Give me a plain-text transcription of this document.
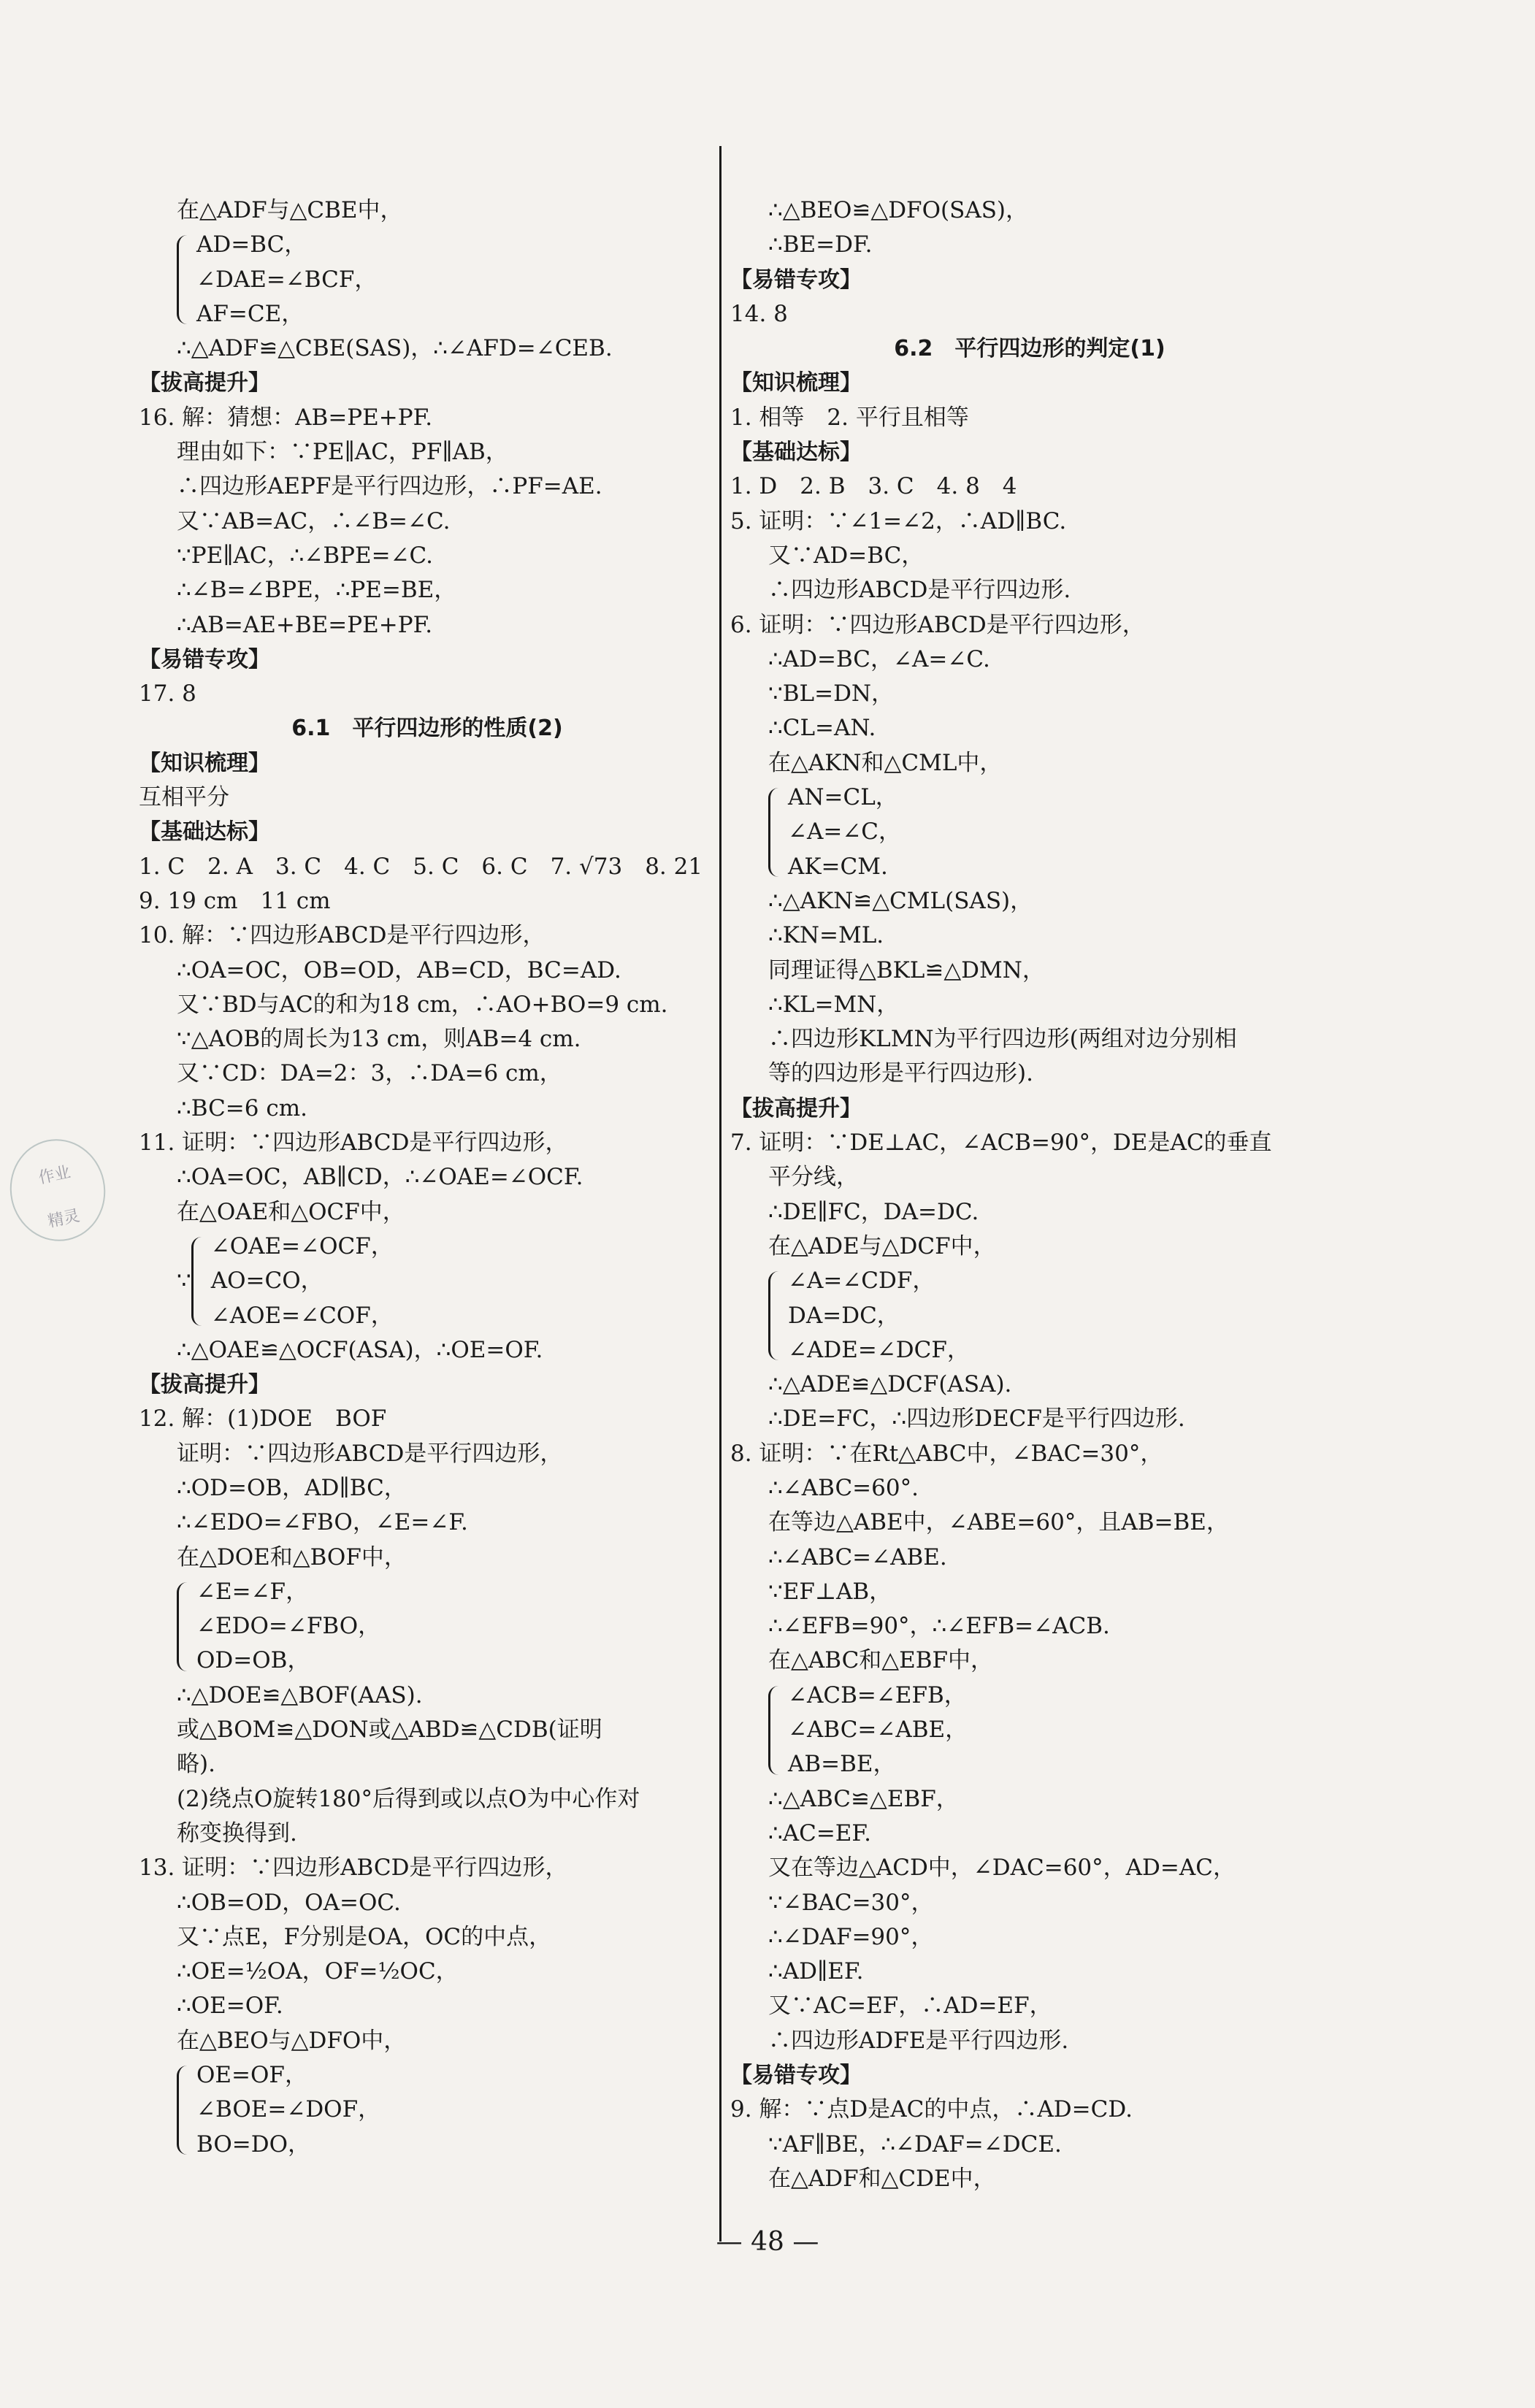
在△ADF与△CBE中，
AD=BC，
∠DAE=∠BCF，
AF=CE，
∴△ADF≌△CBE(SAS)，∴∠AFD=∠CEB.
【拔高提升】
16. 解：猜想：AB=PE+PF.
理由如下：∵PE∥AC，PF∥AB，
∴四边形AEPF是平行四边形，∴PF=AE.
又∵AB=AC，∴∠B=∠C.
∵PE∥AC，∴∠BPE=∠C.
∴∠B=∠BPE，∴PE=BE，
∴AB=AE+BE=PE+PF.
【易错专攻】
17. 8
6.1　平行四边形的性质(2)
【知识梳理】
互相平分
【基础达标】
1. C　2. A　3. C　4. C　5. C　6. C　7. √73　8. 21
9. 19 cm　11 cm
10. 解：∵四边形ABCD是平行四边形，
∴OA=OC，OB=OD，AB=CD，BC=AD.
又∵BD与AC的和为18 cm，∴AO+BO=9 cm.
∵△AOB的周长为13 cm，则AB=4 cm.
又∵CD：DA=2：3，∴DA=6 cm，
∴BC=6 cm.
11. 证明：∵四边形ABCD是平行四边形，
∴OA=OC，AB∥CD，∴∠OAE=∠OCF.
在△OAE和△OCF中，
∵
∠OAE=∠OCF，
AO=CO，
∠AOE=∠COF，
∴△OAE≌△OCF(ASA)，∴OE=OF.
【拔高提升】
12. 解：(1)DOE　BOF
证明：∵四边形ABCD是平行四边形，
∴OD=OB，AD∥BC，
∴∠EDO=∠FBO，∠E=∠F.
在△DOE和△BOF中，
∠E=∠F，
∠EDO=∠FBO，
OD=OB，
∴△DOE≌△BOF(AAS).
或△BOM≌△DON或△ABD≌△CDB(证明
略).
(2)绕点O旋转180°后得到或以点O为中心作对
称变换得到.
13. 证明：∵四边形ABCD是平行四边形，
∴OB=OD，OA=OC.
又∵点E，F分别是OA，OC的中点，
∴OE=½OA，OF=½OC，
∴OE=OF.
在△BEO与△DFO中，
OE=OF，
∠BOE=∠DOF，
BO=DO，
∴△BEO≌△DFO(SAS)，
∴BE=DF.
【易错专攻】
14. 8
6.2　平行四边形的判定(1)
【知识梳理】
1. 相等　2. 平行且相等
【基础达标】
1. D　2. B　3. C　4. 8　4
5. 证明：∵∠1=∠2，∴AD∥BC.
又∵AD=BC，
∴四边形ABCD是平行四边形.
6. 证明：∵四边形ABCD是平行四边形，
∴AD=BC，∠A=∠C.
∵BL=DN，
∴CL=AN.
在△AKN和△CML中，
AN=CL，
∠A=∠C，
AK=CM.
∴△AKN≌△CML(SAS)，
∴KN=ML.
同理证得△BKL≌△DMN，
∴KL=MN，
∴四边形KLMN为平行四边形(两组对边分别相
等的四边形是平行四边形).
【拔高提升】
7. 证明：∵DE⊥AC，∠ACB=90°，DE是AC的垂直
平分线，
∴DE∥FC，DA=DC.
在△ADE与△DCF中，
∠A=∠CDF，
DA=DC，
∠ADE=∠DCF，
∴△ADE≌△DCF(ASA).
∴DE=FC，∴四边形DECF是平行四边形.
8. 证明：∵在Rt△ABC中，∠BAC=30°，
∴∠ABC=60°.
在等边△ABE中，∠ABE=60°，且AB=BE，
∴∠ABC=∠ABE.
∵EF⊥AB，
∴∠EFB=90°，∴∠EFB=∠ACB.
在△ABC和△EBF中，
∠ACB=∠EFB，
∠ABC=∠ABE，
AB=BE，
∴△ABC≌△EBF，
∴AC=EF.
又在等边△ACD中，∠DAC=60°，AD=AC，
∵∠BAC=30°，
∴∠DAF=90°，
∴AD∥EF.
又∵AC=EF，∴AD=EF，
∴四边形ADFE是平行四边形.
【易错专攻】
9. 解：∵点D是AC的中点，∴AD=CD.
∵AF∥BE，∴∠DAF=∠DCE.
在△ADF和△CDE中，
作业
精灵
— 48 —
